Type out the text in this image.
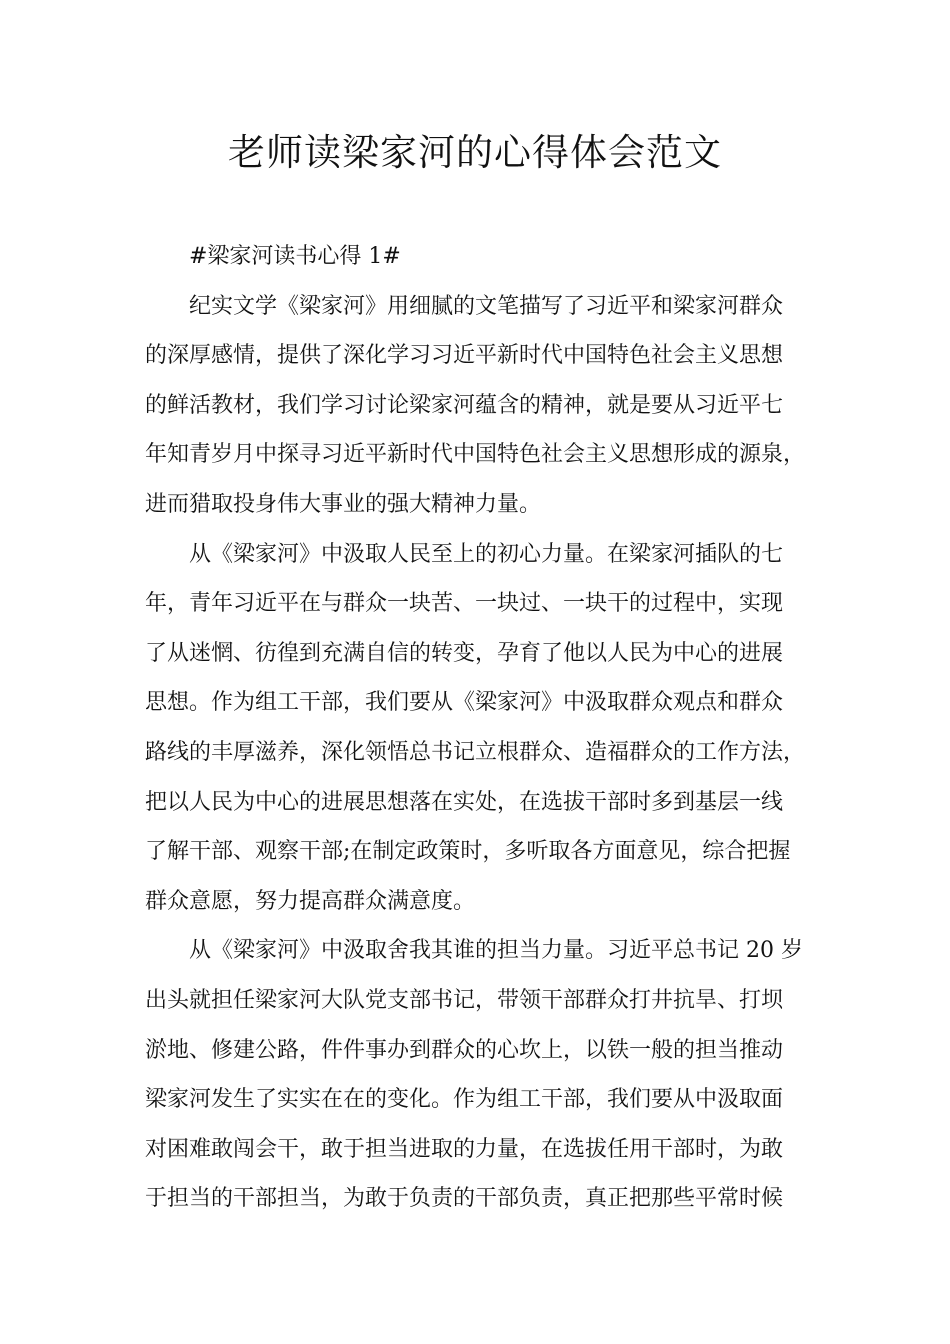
老师读梁家河的心得体会范文

#梁家河读书心得 1#

纪实文学《梁家河》用细腻的文笔描写了习近平和梁家河群众
的深厚感情，提供了深化学习习近平新时代中国特色社会主义思想
的鲜活教材，我们学习讨论梁家河蕴含的精神，就是要从习近平七
年知青岁月中探寻习近平新时代中国特色社会主义思想形成的源泉，
进而猎取投身伟大事业的强大精神力量。

从《梁家河》中汲取人民至上的初心力量。在梁家河插队的七
年，青年习近平在与群众一块苦、一块过、一块干的过程中，实现
了从迷惘、彷徨到充满自信的转变，孕育了他以人民为中心的进展
思想。作为组工干部，我们要从《梁家河》中汲取群众观点和群众
路线的丰厚滋养，深化领悟总书记立根群众、造福群众的工作方法，
把以人民为中心的进展思想落在实处，在选拔干部时多到基层一线
了解干部、观察干部;在制定政策时，多听取各方面意见，综合把握
群众意愿，努力提高群众满意度。

从《梁家河》中汲取舍我其谁的担当力量。习近平总书记 20 岁
出头就担任梁家河大队党支部书记，带领干部群众打井抗旱、打坝
淤地、修建公路，件件事办到群众的心坎上，以铁一般的担当推动
梁家河发生了实实在在的变化。作为组工干部，我们要从中汲取面
对困难敢闯会干，敢于担当进取的力量，在选拔任用干部时，为敢
于担当的干部担当，为敢于负责的干部负责，真正把那些平常时候
